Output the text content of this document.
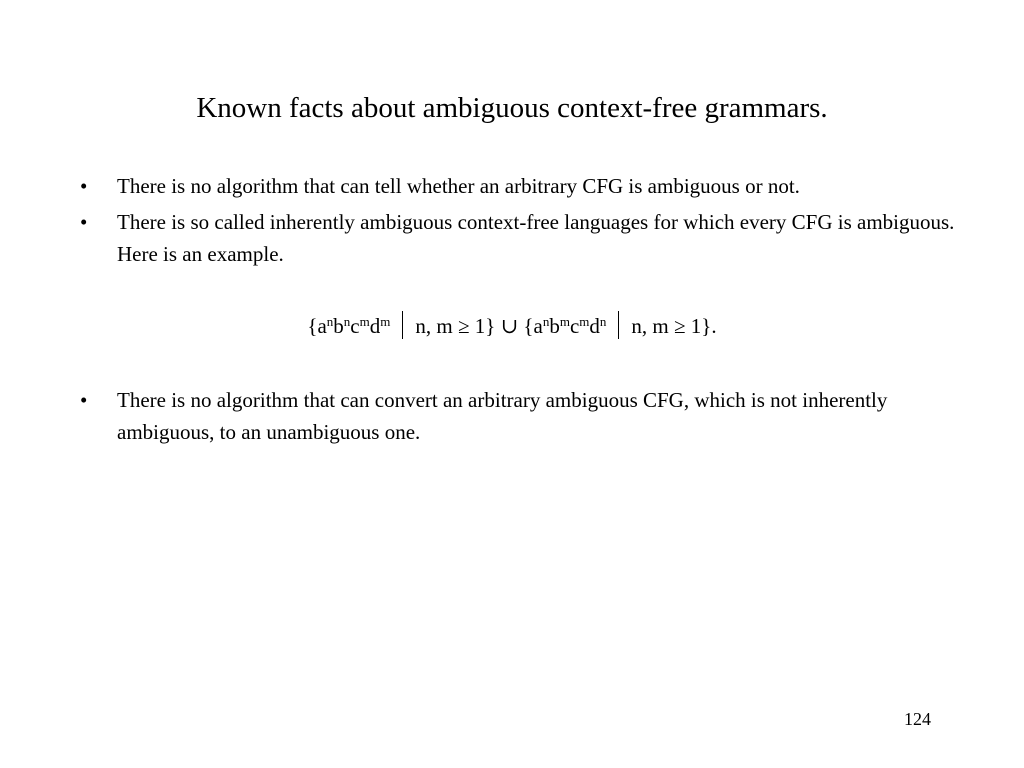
Known facts about ambiguous context-free grammars.
• There is no algorithm that can tell whether an arbitrary CFG is ambiguous or not.
• There is so called inherently ambiguous context-free languages for which every CFG is ambiguous. Here is an example.
{$a^nb^nc^md^m$ n, m ≥ 1} ∪ {$a^nb^mc^md^n$ n, m ≥ 1}.
• There is no algorithm that can convert an arbitrary ambiguous CFG, which is not inherently ambiguous, to an unambiguous one.
124
